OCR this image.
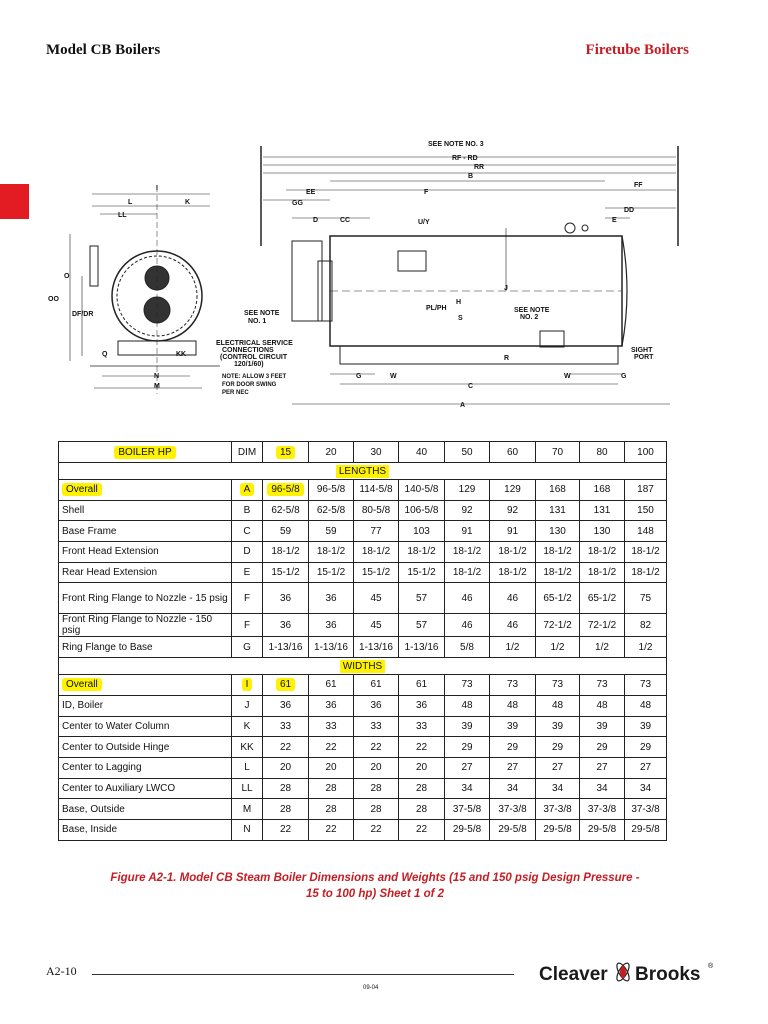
Model CB Boilers	Firetube Boilers
I
L	K
LL
O
OO
DF/DR
Q	KK
N
M
SEE NOTE
NO. 1
ELECTRICAL SERVICE
CONNECTIONS
(CONTROL CIRCUIT
120/1/60)
NOTE: ALLOW 3 FEET
FOR DOOR SWING
PER NEC
SEE NOTE NO. 3
RF - RD
RR
B
FF
EE	F
GG
DD
D	CC	U/Y	E
J
PL/PH
H
S
SEE NOTE
NO. 2
R
SIGHT
PORT
G	W	W	G
C
A
BOILER HP	DIM	15	20	30	40	50	60	70	80	100
LENGTHS										
Overall	A	96-5/8	96-5/8	114-5/8	140-5/8	129	129	168	168	187
Shell	B	62-5/8	62-5/8	80-5/8	106-5/8	92	92	131	131	150
Base Frame	C	59	59	77	103	91	91	130	130	148
Front Head Extension	D	18-1/2	18-1/2	18-1/2	18-1/2	18-1/2	18-1/2	18-1/2	18-1/2	18-1/2
Rear Head Extension	E	15-1/2	15-1/2	15-1/2	15-1/2	18-1/2	18-1/2	18-1/2	18-1/2	18-1/2
Front Ring Flange to Nozzle - 15 psig	F	36	36	45	57	46	46	65-1/2	65-1/2	75
Front Ring Flange to Nozzle - 150 psig	F	36	36	45	57	46	46	72-1/2	72-1/2	82
Ring Flange to Base	G	1-13/16	1-13/16	1-13/16	1-13/16	5/8	1/2	1/2	1/2	1/2
WIDTHS										
Overall	I	61	61	61	61	73	73	73	73	73
ID, Boiler	J	36	36	36	36	48	48	48	48	48
Center to Water Column	K	33	33	33	33	39	39	39	39	39
Center to Outside Hinge	KK	22	22	22	22	29	29	29	29	29
Center to Lagging	L	20	20	20	20	27	27	27	27	27
Center to Auxiliary LWCO	LL	28	28	28	28	34	34	34	34	34
Base, Outside	M	28	28	28	28	37-5/8	37-3/8	37-3/8	37-3/8	37-3/8
Base, Inside	N	22	22	22	22	29-5/8	29-5/8	29-5/8	29-5/8	29-5/8
Figure A2-1. Model CB Steam Boiler Dimensions and Weights (15 and 150 psig Design Pressure -
15 to 100 hp) Sheet 1 of 2
A2-10
09-04
Cleaver Brooks ®
